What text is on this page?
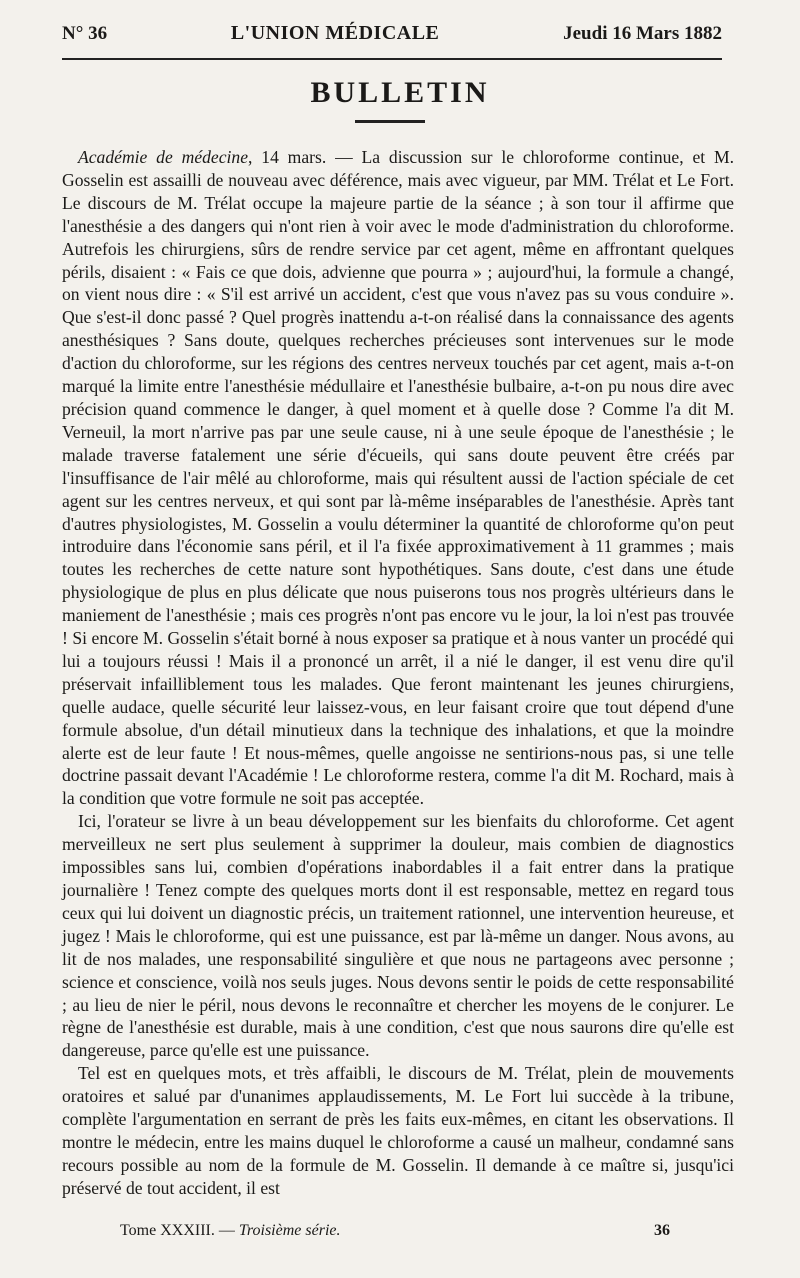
N° 36	L'UNION MÉDICALE	Jeudi 16 Mars 1882
BULLETIN

Académie de médecine, 14 mars. — La discussion sur le chloroforme continue, et M. Gosselin est assailli de nouveau avec déférence, mais avec vigueur, par MM. Trélat et Le Fort. Le discours de M. Trélat occupe la majeure partie de la séance ; à son tour il affirme que l'anesthésie a des dangers qui n'ont rien à voir avec le mode d'administration du chloroforme. Autrefois les chirurgiens, sûrs de rendre service par cet agent, même en affrontant quelques périls, disaient : « Fais ce que dois, advienne que pourra » ; aujourd'hui, la formule a changé, on vient nous dire : « S'il est arrivé un accident, c'est que vous n'avez pas su vous conduire ». Que s'est-il donc passé ? Quel progrès inattendu a-t-on réalisé dans la connaissance des agents anesthésiques ? Sans doute, quelques recherches précieuses sont intervenues sur le mode d'action du chloroforme, sur les régions des centres nerveux touchés par cet agent, mais a-t-on marqué la limite entre l'anesthésie médullaire et l'anesthésie bulbaire, a-t-on pu nous dire avec précision quand commence le danger, à quel moment et à quelle dose ? Comme l'a dit M. Verneuil, la mort n'arrive pas par une seule cause, ni à une seule époque de l'anesthésie ; le malade traverse fatalement une série d'écueils, qui sans doute peuvent être créés par l'insuffisance de l'air mêlé au chloroforme, mais qui résultent aussi de l'action spéciale de cet agent sur les centres nerveux, et qui sont par là-même inséparables de l'anesthésie. Après tant d'autres physiologistes, M. Gosselin a voulu déterminer la quantité de chloroforme qu'on peut introduire dans l'économie sans péril, et il l'a fixée approximativement à 11 grammes ; mais toutes les recherches de cette nature sont hypothétiques. Sans doute, c'est dans une étude physiologique de plus en plus délicate que nous puiserons tous nos progrès ultérieurs dans le maniement de l'anesthésie ; mais ces progrès n'ont pas encore vu le jour, la loi n'est pas trouvée ! Si encore M. Gosselin s'était borné à nous exposer sa pratique et à nous vanter un procédé qui lui a toujours réussi ! Mais il a prononcé un arrêt, il a nié le danger, il est venu dire qu'il préservait infailliblement tous les malades. Que feront maintenant les jeunes chirurgiens, quelle audace, quelle sécurité leur laissez-vous, en leur faisant croire que tout dépend d'une formule absolue, d'un détail minutieux dans la technique des inhalations, et que la moindre alerte est de leur faute ! Et nous-mêmes, quelle angoisse ne sentirions-nous pas, si une telle doctrine passait devant l'Académie ! Le chloroforme restera, comme l'a dit M. Rochard, mais à la condition que votre formule ne soit pas acceptée.

Ici, l'orateur se livre à un beau développement sur les bienfaits du chloroforme. Cet agent merveilleux ne sert plus seulement à supprimer la douleur, mais combien de diagnostics impossibles sans lui, combien d'opérations inabordables il a fait entrer dans la pratique journalière ! Tenez compte des quelques morts dont il est responsable, mettez en regard tous ceux qui lui doivent un diagnostic précis, un traitement rationnel, une intervention heureuse, et jugez ! Mais le chloroforme, qui est une puissance, est par là-même un danger. Nous avons, au lit de nos malades, une responsabilité singulière et que nous ne partageons avec personne ; science et conscience, voilà nos seuls juges. Nous devons sentir le poids de cette responsabilité ; au lieu de nier le péril, nous devons le reconnaître et chercher les moyens de le conjurer. Le règne de l'anesthésie est durable, mais à une condition, c'est que nous saurons dire qu'elle est dangereuse, parce qu'elle est une puissance.

Tel est en quelques mots, et très affaibli, le discours de M. Trélat, plein de mouvements oratoires et salué par d'unanimes applaudissements, M. Le Fort lui succède à la tribune, complète l'argumentation en serrant de près les faits eux-mêmes, en citant les observations. Il montre le médecin, entre les mains duquel le chloroforme a causé un malheur, condamné sans recours possible au nom de la formule de M. Gosselin. Il demande à ce maître si, jusqu'ici préservé de tout accident, il est

Tome XXXIII. — Troisième série.	36
